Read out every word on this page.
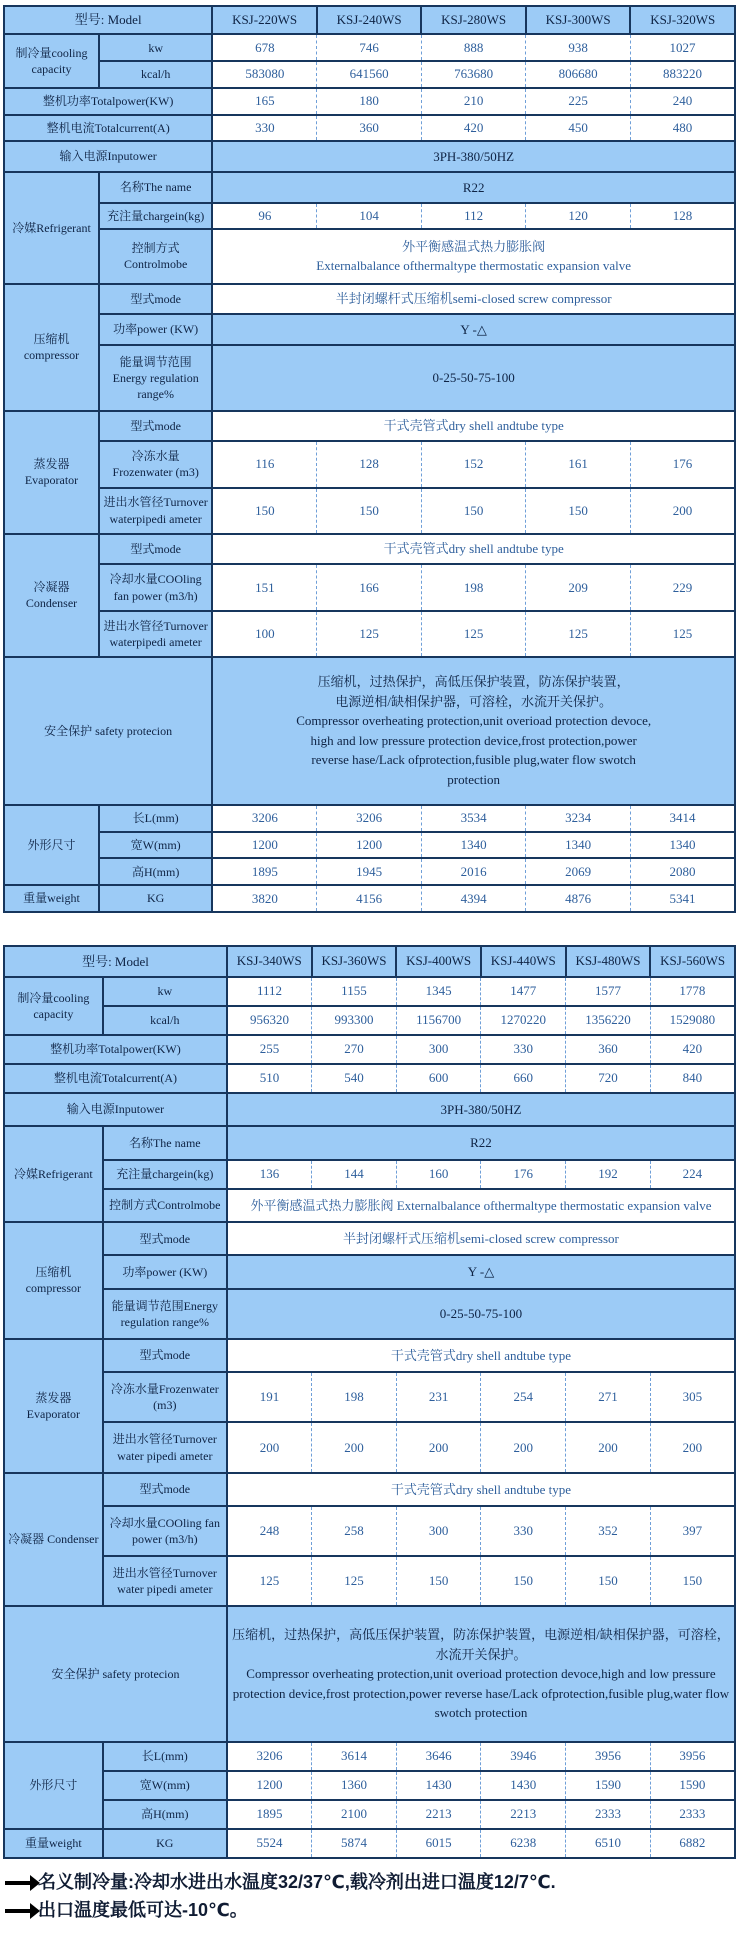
型号: Model		KSJ-220WS	KSJ-240WS	KSJ-280WS	KSJ-300WS	KSJ-320WS
制冷量cooling capacity	kw	678	746	888	938	1027
	kcal/h	583080	641560	763680	806680	883220
整机功率Totalpower(KW)		165	180	210	225	240
整机电流Totalcurrent(A)		330	360	420	450	480
输入电源Inputower		3PH-380/50HZ				

冷媒Refrigerant	名称The name	R22				

	充注量chargein(kg)	96	104	112	120	128
	控制方式Controlmobe	外平衡感温式热力膨胀阀
Externalbalance ofthermaltype thermostatic expansion valve				

压缩机compressor	型式mode	半封闭螺杆式压缩机semi-closed screw compressor				

	功率power (KW)	Y -△				

	能量调节范围Energy regulation range%	0-25-50-75-100				

蒸发器 Evaporator	型式mode	干式壳管式dry shell andtube type				

	冷冻水量Frozenwater (m3)	116	128	152	161	176
	进出水管径Turnover waterpipedi ameter	150	150	150	150	200
冷凝器 Condenser	型式mode	干式壳管式dry shell andtube type				

	冷却水量COOling fan power (m3/h)	151	166	198	209	229
	进出水管径Turnover waterpipedi ameter	100	125	125	125	125
安全保护 safety protecion	
压缩机，过热保护，高低压保护装置，防冻保护装置，
电源逆相/缺相保护器，可溶栓，水流开关保护。
Compressor overheating protection,unit overioad protection devoce,
high and low pressure protection device,frost protection,power
reverse hase/Lack ofprotection,fusible plug,water flow swotch
protection

外形尺寸	长L(mm)	3206	3206	3534	3234	3414
	宽W(mm)	1200	1200	1340	1340	1340
	高H(mm)	1895	1945	2016	2069	2080
重量weight	KG	3820	4156	4394	4876	5341
型号: Model		KSJ-340WS	KSJ-360WS	KSJ-400WS	KSJ-440WS	KSJ-480WS	KSJ-560WS
制冷量cooling capacity	kw	1112	1155	1345	1477	1577	1778
	kcal/h	956320	993300	1156700	1270220	1356220	1529080
整机功率Totalpower(KW)		255	270	300	330	360	420
整机电流Totalcurrent(A)		510	540	600	660	720	840
输入电源Inputower		3PH-380/50HZ					

冷媒Refrigerant	名称The name	R22					

	充注量chargein(kg)	136	144	160	176	192	224
	控制方式Controlmobe	外平衡感温式热力膨胀阀 Externalbalance ofthermaltype thermostatic expansion valve					

压缩机compressor	型式mode	半封闭螺杆式压缩机semi-closed screw compressor					

	功率power (KW)	Y -△					

	能量调节范围Energy regulation range%	0-25-50-75-100					

蒸发器 Evaporator	型式mode	干式壳管式dry shell andtube type					

	冷冻水量Frozenwater (m3)	191	198	231	254	271	305
	进出水管径Turnover water pipedi ameter	200	200	200	200	200	200
冷凝器 Condenser	型式mode	干式壳管式dry shell andtube type					

	冷却水量COOling fan power (m3/h)	248	258	300	330	352	397
	进出水管径Turnover water pipedi ameter	125	125	150	150	150	150
安全保护 safety protecion		压缩机，过热保护，高低压保护装置，防冻保护装置，电源逆相/缺相保护器，可溶栓，水流开关保护。
Compressor overheating protection,unit overioad protection devoce,high and low pressure protection device,frost protection,power reverse hase/Lack ofprotection,fusible plug,water flow swotch protection					

外形尺寸	长L(mm)	3206	3614	3646	3946	3956	3956
	宽W(mm)	1200	1360	1430	1430	1590	1590
	高H(mm)	1895	2100	2213	2213	2333	2333
重量weight	KG	5524	5874	6015	6238	6510	6882
名义制冷量:冷却水进出水温度32/37℃,载冷剂出进口温度12/7℃.
出口温度最低可达-10℃。
